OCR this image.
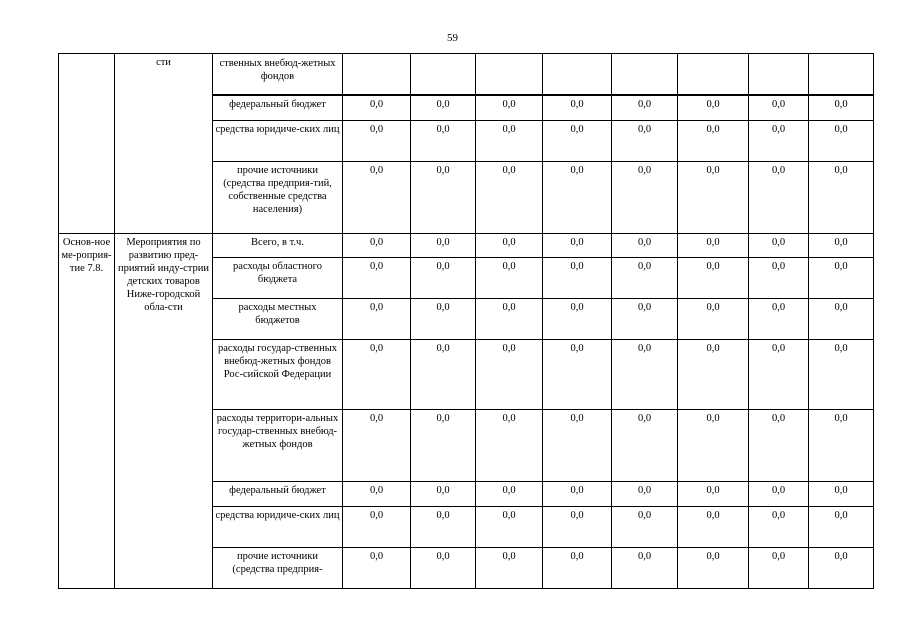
59
	сти	ственных внебюд-жетных фондов								
		федеральный бюджет	0,0	0,0	0,0	0,0	0,0	0,0	0,0	0,0
		средства юридиче-ских лиц	0,0	0,0	0,0	0,0	0,0	0,0	0,0	0,0
		прочие источники (средства предприя-тий, собственные средства населения)	0,0	0,0	0,0	0,0	0,0	0,0	0,0	0,0
Основ-ное ме-роприя-тие 7.8.	Мероприятия по развитию пред-приятий инду-стрии детских товаров Ниже-городской обла-сти	Всего, в т.ч.	0,0	0,0	0,0	0,0	0,0	0,0	0,0	0,0
		расходы областного бюджета	0,0	0,0	0,0	0,0	0,0	0,0	0,0	0,0
		расходы местных бюджетов	0,0	0,0	0,0	0,0	0,0	0,0	0,0	0,0
		расходы государ-ственных внебюд-жетных фондов Рос-сийской Федерации	0,0	0,0	0,0	0,0	0,0	0,0	0,0	0,0
		расходы территори-альных государ-ственных внебюд-жетных фондов	0,0	0,0	0,0	0,0	0,0	0,0	0,0	0,0
		федеральный бюджет	0,0	0,0	0,0	0,0	0,0	0,0	0,0	0,0
		средства юридиче-ских лиц	0,0	0,0	0,0	0,0	0,0	0,0	0,0	0,0
		прочие источники (средства предприя-	0,0	0,0	0,0	0,0	0,0	0,0	0,0	0,0
